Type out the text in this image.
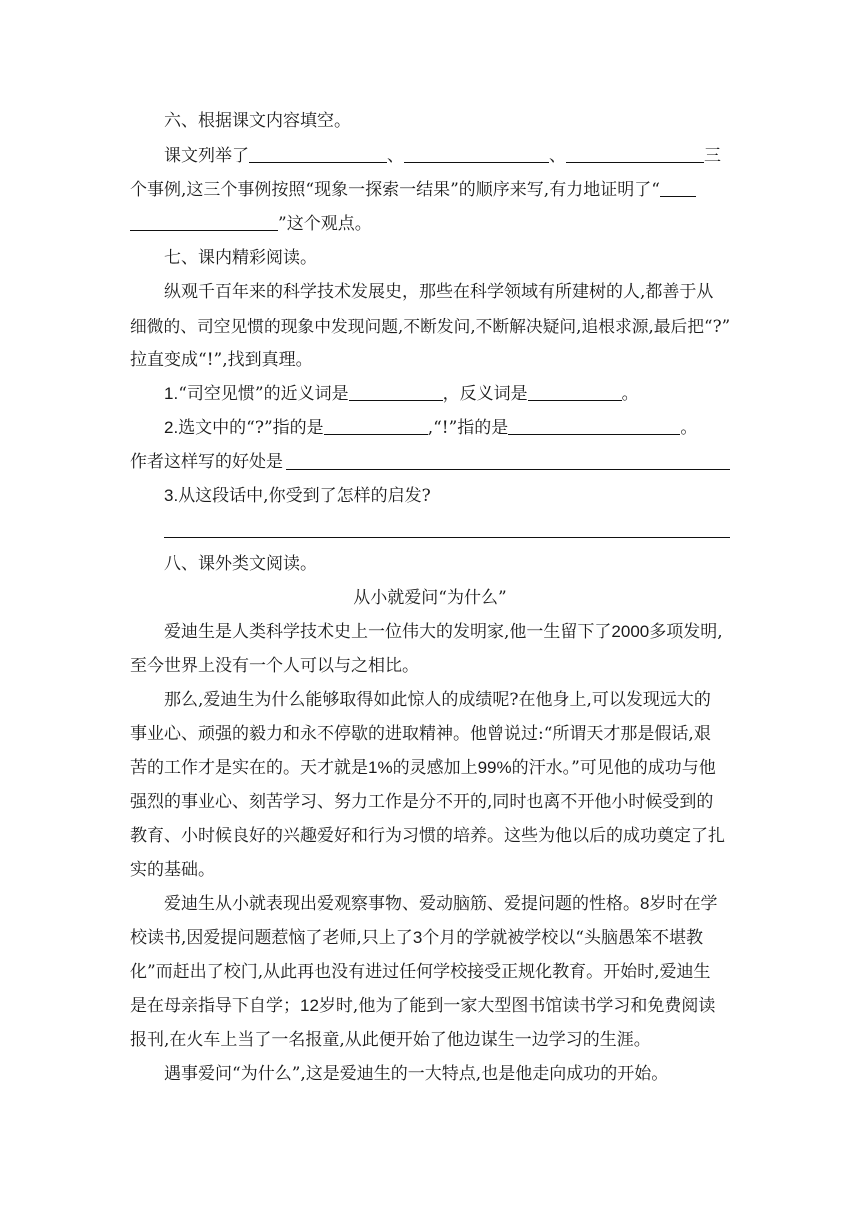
六、根据课文内容填空。
课文列举了	、	、	三
个事例,这三个事例按照“现象一探索一结果”的顺序来写,有力地证明了“
”这个观点。
七、课内精彩阅读。
纵观千百年来的科学技术发展史，那些在科学领域有所建树的人,都善于从
细微的、司空见惯的现象中发现问题,不断发问,不断解决疑问,追根求源,最后把“?”
拉直变成“!”,找到真理。
1.“司空见惯”的近义词是	，反义词是	。
2.选文中的“?”指的是	,“!”指的是	。
作者这样写的好处是
3.从这段话中,你受到了怎样的启发?
八、课外类文阅读。
从小就爱问“为什么”
爱迪生是人类科学技术史上一位伟大的发明家,他一生留下了2000多项发明,
至今世界上没有一个人可以与之相比。
那么,爱迪生为什么能够取得如此惊人的成绩呢?在他身上,可以发现远大的
事业心、顽强的毅力和永不停歇的进取精神。他曾说过:“所谓天才那是假话,艰
苦的工作才是实在的。天才就是1%的灵感加上99%的汗水。”可见他的成功与他
强烈的事业心、刻苦学习、努力工作是分不开的,同时也离不开他小时候受到的
教育、小时候良好的兴趣爱好和行为习惯的培养。这些为他以后的成功奠定了扎
实的基础。
爱迪生从小就表现出爱观察事物、爱动脑筋、爱提问题的性格。8岁时在学
校读书,因爱提问题惹恼了老师,只上了3个月的学就被学校以“头脑愚笨不堪教
化”而赶出了校门,从此再也没有进过任何学校接受正规化教育。开始时,爱迪生
是在母亲指导下自学；12岁时,他为了能到一家大型图书馆读书学习和免费阅读
报刊,在火车上当了一名报童,从此便开始了他边谋生一边学习的生涯。
遇事爱问“为什么”,这是爱迪生的一大特点,也是他走向成功的开始。
